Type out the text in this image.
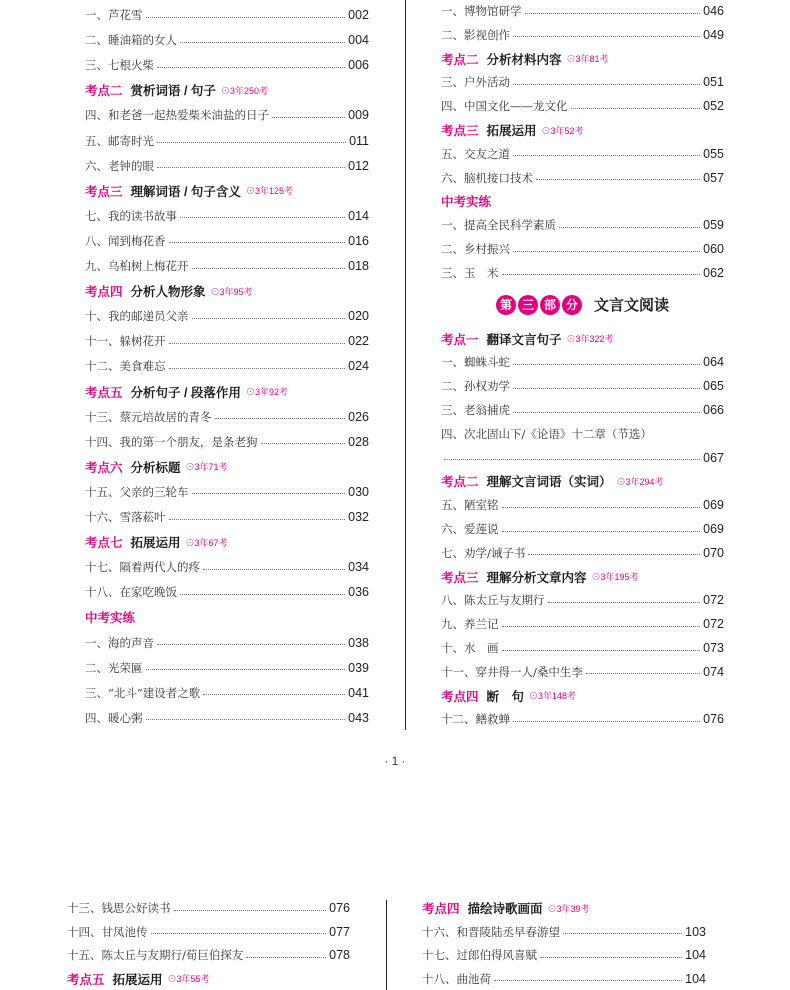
一、芦花雪	002
二、睡油箱的女人	004
三、七根火柴	006
考点二 赏析词语 / 句子 ⊙3年250考
四、和老爸一起热爱柴米油盐的日子	009
五、邮寄时光	011
六、老钟的眼	012
考点三 理解词语 / 句子含义 ⊙3年125考
七、我的读书故事	014
八、闻到梅花香	016
九、乌桕树上梅花开	018
考点四 分析人物形象 ⊙3年95考
十、我的邮递员父亲	020
十一、躲树花开	022
十二、美食难忘	024
考点五 分析句子 / 段落作用 ⊙3年92考
十三、蔡元培故居的青冬	026
十四、我的第一个朋友，是条老狗	028
考点六 分析标题 ⊙3年71考
十五、父亲的三轮车	030
十六、雪落菘叶	032
考点七 拓展运用 ⊙3年67考
十七、隔着两代人的疼	034
十八、在家吃晚饭	036
中考实练
一、海的声音	038
二、光荣匾	039
三、“北斗”建设者之歌	041
四、暖心粥	043
一、博物馆研学	046
二、影视创作	049
考点二 分析材料内容 ⊙3年81考
三、户外活动	051
四、中国文化——龙文化	052
考点三 拓展运用 ⊙3年52考
五、交友之道	055
六、脑机接口技术	057
中考实练
一、提高全民科学素质	059
二、乡村振兴	060
三、玉　米	062
第 三 部 分 文言文阅读
考点一 翻译文言句子 ⊙3年322考
一、蜘蛛斗蛇	064
二、孙权劝学	065
三、老翁捕虎	066
四、次北固山下/《论语》十二章（节选）
067
考点二 理解文言词语（实词） ⊙3年294考
五、陋室铭	069
六、爱莲说	069
七、劝学/诫子书	070
考点三 理解分析文章内容 ⊙3年195考
八、陈太丘与友期行	072
九、养兰记	072
十、水　画	073
十一、穿井得一人/桑中生李	074
考点四 断　句 ⊙3年148考
十二、鳝救蝉	076
· 1 ·
十三、钱思公好读书	076
十四、甘凤池传	077
十五、陈太丘与友期行/荀巨伯探友	078
考点五 拓展运用 ⊙3年55考
考点四 描绘诗歌画面 ⊙3年39考
十六、和晋陵陆丞早春游望	103
十七、过郎伯得风喜赋	104
十八、曲池荷	104
